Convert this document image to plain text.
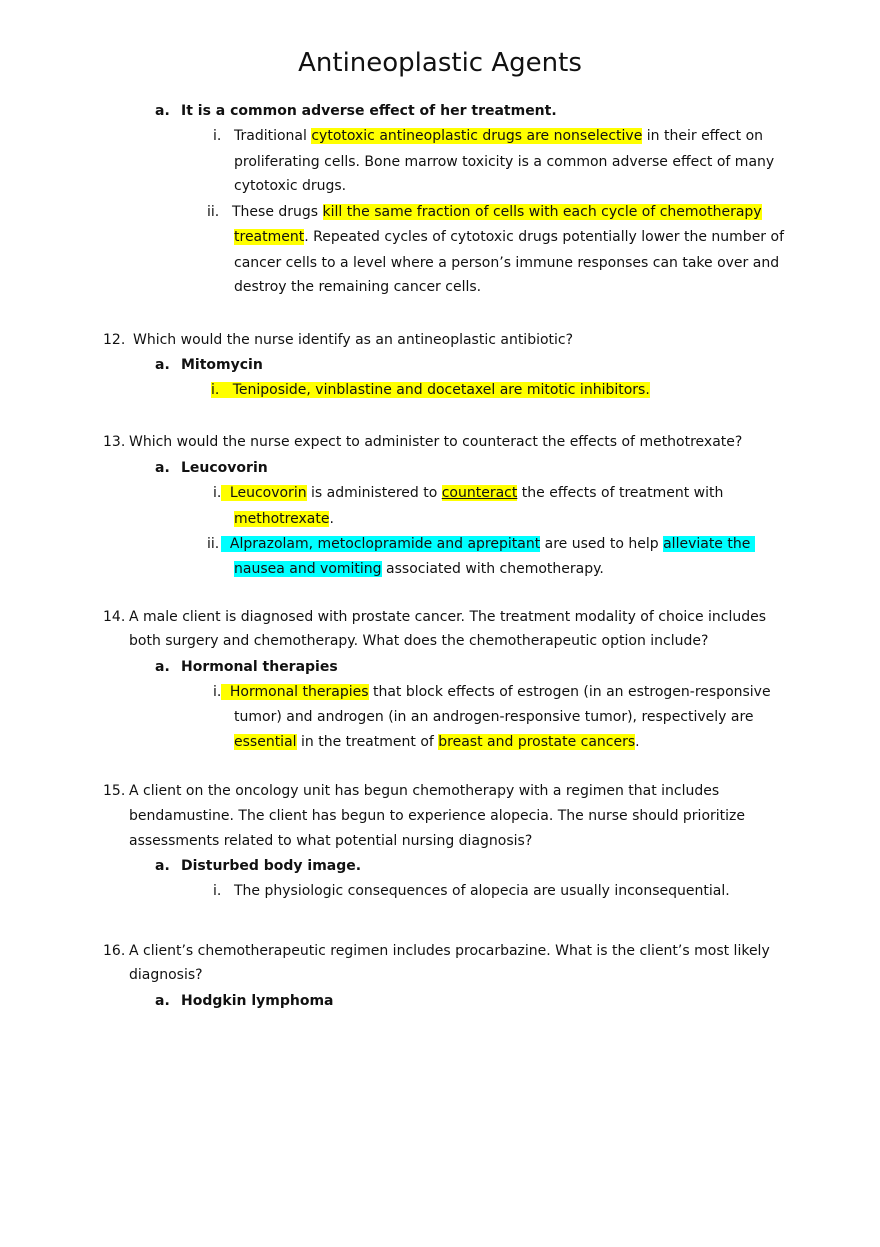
Antineoplastic Agents
a. It is a common adverse effect of her treatment.
i. Traditional cytotoxic antineoplastic drugs are nonselective in their effect on
proliferating cells. Bone marrow toxicity is a common adverse effect of many
cytotoxic drugs.
ii. These drugs kill the same fraction of cells with each cycle of chemotherapy
treatment. Repeated cycles of cytotoxic drugs potentially lower the number of
cancer cells to a level where a person’s immune responses can take over and
destroy the remaining cancer cells.
12. Which would the nurse identify as an antineoplastic antibiotic?
a. Mitomycin
i. Teniposide, vinblastine and docetaxel are mitotic inhibitors.
13. Which would the nurse expect to administer to counteract the effects of methotrexate?
a. Leucovorin
i. Leucovorin is administered to counteract the effects of treatment with
methotrexate.
ii. Alprazolam, metoclopramide and aprepitant are used to help alleviate the
nausea and vomiting associated with chemotherapy.
14. A male client is diagnosed with prostate cancer. The treatment modality of choice includes
both surgery and chemotherapy. What does the chemotherapeutic option include?
a. Hormonal therapies
i. Hormonal therapies that block effects of estrogen (in an estrogen-responsive
tumor) and androgen (in an androgen-responsive tumor), respectively are
essential in the treatment of breast and prostate cancers.
15. A client on the oncology unit has begun chemotherapy with a regimen that includes
bendamustine. The client has begun to experience alopecia. The nurse should prioritize
assessments related to what potential nursing diagnosis?
a. Disturbed body image.
i. The physiologic consequences of alopecia are usually inconsequential.
16. A client’s chemotherapeutic regimen includes procarbazine. What is the client’s most likely
diagnosis?
a. Hodgkin lymphoma
